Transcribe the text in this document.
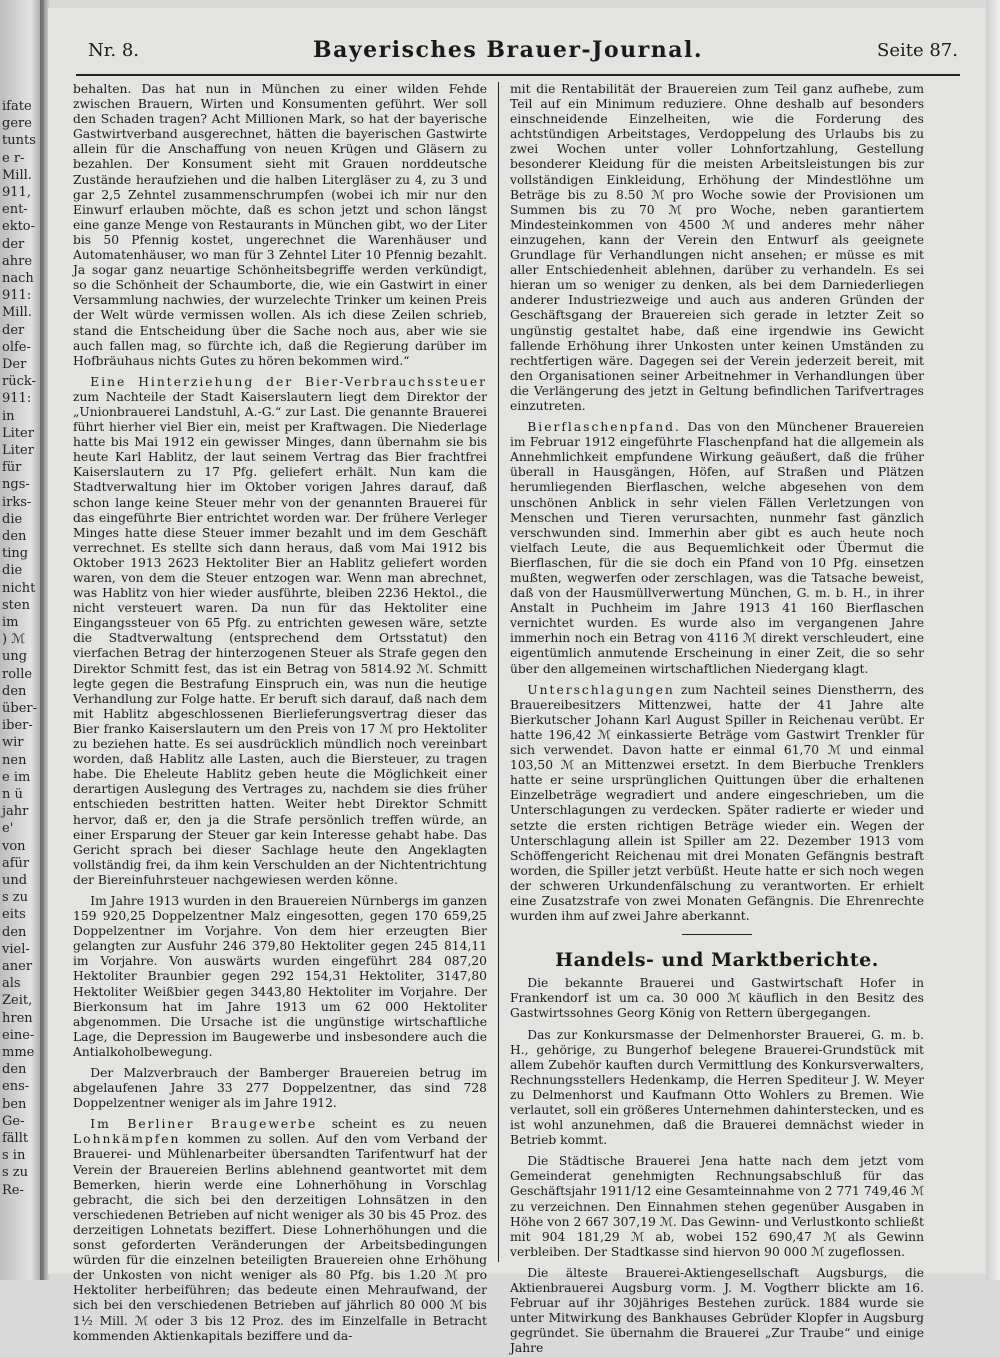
ifate
gere
tunts
e r-
Mill.
911,
ent-
ekto-
der
ahre
nach
911:
Mill.
der
olfe-
Der
rück-
911:
in
Liter
Liter
für
ngs-
irks-
die
den
ting
die
nicht
sten
im
) ℳ
ung
rolle
den
über-
iber-
wir
nen
e im
n ü
jahr
e'
von
afür
und
s zu
eits
den
viel-
aner
als
Zeit,
hren
eine-
mme
den
ens-
ben
Ge-
fällt
s in
s zu
Re-
Nr. 8.	Bayerisches Brauer-Journal.	Seite 87.

behalten. Das hat nun in München zu einer wilden Fehde zwischen Brauern, Wirten und Konsumenten geführt. Wer soll den Schaden tragen? Acht Millionen Mark, so hat der bayerische Gastwirtverband ausgerechnet, hätten die bayerischen Gastwirte allein für die Anschaffung von neuen Krügen und Gläsern zu bezahlen. Der Konsument sieht mit Grauen norddeutsche Zustände heraufziehen und die halben Litergläser zu 4, zu 3 und gar 2,5 Zehntel zusammenschrumpfen (wobei ich mir nur den Einwurf erlauben möchte, daß es schon jetzt und schon längst eine ganze Menge von Restaurants in München gibt, wo der Liter bis 50 Pfennig kostet, ungerechnet die Warenhäuser und Automatenhäuser, wo man für 3 Zehntel Liter 10 Pfennig bezahlt. Ja sogar ganz neuartige Schönheitsbegriffe werden verkündigt, so die Schönheit der Schaumborte, die, wie ein Gastwirt in einer Versammlung nachwies, der wurzelechte Trinker um keinen Preis der Welt würde vermissen wollen. Als ich diese Zeilen schrieb, stand die Entscheidung über die Sache noch aus, aber wie sie auch fallen mag, so fürchte ich, daß die Regierung darüber im Hofbräuhaus nichts Gutes zu hören bekommen wird.“

Eine Hinterziehung der Bier-Verbrauchssteuer zum Nachteile der Stadt Kaiserslautern liegt dem Direktor der „Unionbrauerei Landstuhl, A.-G.“ zur Last. Die genannte Brauerei führt hierher viel Bier ein, meist per Kraftwagen. Die Niederlage hatte bis Mai 1912 ein gewisser Minges, dann übernahm sie bis heute Karl Hablitz, der laut seinem Vertrag das Bier frachtfrei Kaiserslautern zu 17 Pfg. geliefert erhält. Nun kam die Stadtverwaltung hier im Oktober vorigen Jahres darauf, daß schon lange keine Steuer mehr von der genannten Brauerei für das eingeführte Bier entrichtet worden war. Der frühere Verleger Minges hatte diese Steuer immer bezahlt und im dem Geschäft verrechnet. Es stellte sich dann heraus, daß vom Mai 1912 bis Oktober 1913 2623 Hektoliter Bier an Hablitz geliefert worden waren, von dem die Steuer entzogen war. Wenn man abrechnet, was Hablitz von hier wieder ausführte, bleiben 2236 Hektol., die nicht versteuert waren. Da nun für das Hektoliter eine Eingangssteuer von 65 Pfg. zu entrichten gewesen wäre, setzte die Stadtverwaltung (entsprechend dem Ortsstatut) den vierfachen Betrag der hinterzogenen Steuer als Strafe gegen den Direktor Schmitt fest, das ist ein Betrag von 5814.92 ℳ. Schmitt legte gegen die Bestrafung Einspruch ein, was nun die heutige Verhandlung zur Folge hatte. Er beruft sich darauf, daß nach dem mit Hablitz abgeschlossenen Bierlieferungsvertrag dieser das Bier franko Kaiserslautern um den Preis von 17 ℳ pro Hektoliter zu beziehen hatte. Es sei ausdrücklich mündlich noch vereinbart worden, daß Hablitz alle Lasten, auch die Biersteuer, zu tragen habe. Die Eheleute Hablitz geben heute die Möglichkeit einer derartigen Auslegung des Vertrages zu, nachdem sie dies früher entschieden bestritten hatten. Weiter hebt Direktor Schmitt hervor, daß er, den ja die Strafe persönlich treffen würde, an einer Ersparung der Steuer gar kein Interesse gehabt habe. Das Gericht sprach bei dieser Sachlage heute den Angeklagten vollständig frei, da ihm kein Verschulden an der Nichtentrichtung der Biereinfuhrsteuer nachgewiesen werden könne.

Im Jahre 1913 wurden in den Brauereien Nürnbergs im ganzen 159 920,25 Doppelzentner Malz eingesotten, gegen 170 659,25 Doppelzentner im Vorjahre. Von dem hier erzeugten Bier gelangten zur Ausfuhr 246 379,80 Hektoliter gegen 245 814,11 im Vorjahre. Von auswärts wurden eingeführt 284 087,20 Hektoliter Braunbier gegen 292 154,31 Hektoliter, 3147,80 Hektoliter Weißbier gegen 3443,80 Hektoliter im Vorjahre. Der Bierkonsum hat im Jahre 1913 um 62 000 Hektoliter abgenommen. Die Ursache ist die ungünstige wirtschaftliche Lage, die Depression im Baugewerbe und insbesondere auch die Antialkoholbewegung.

Der Malzverbrauch der Bamberger Brauereien betrug im abgelaufenen Jahre 33 277 Doppelzentner, das sind 728 Doppelzentner weniger als im Jahre 1912.

Im Berliner Braugewerbe scheint es zu neuen Lohnkämpfen kommen zu sollen. Auf den vom Verband der Brauerei- und Mühlenarbeiter übersandten Tarifentwurf hat der Verein der Brauereien Berlins ablehnend geantwortet mit dem Bemerken, hierin werde eine Lohnerhöhung in Vorschlag gebracht, die sich bei den derzeitigen Lohnsätzen in den verschiedenen Betrieben auf nicht weniger als 30 bis 45 Proz. des derzeitigen Lohnetats beziffert. Diese Lohnerhöhungen und die sonst geforderten Veränderungen der Arbeitsbedingungen würden für die einzelnen beteiligten Brauereien ohne Erhöhung der Unkosten von nicht weniger als 80 Pfg. bis 1.20 ℳ pro Hektoliter herbeiführen; das bedeute einen Mehraufwand, der sich bei den verschiedenen Betrieben auf jährlich 80 000 ℳ bis 1½ Mill. ℳ oder 3 bis 12 Proz. des im Einzelfalle in Betracht kommenden Aktienkapitals beziffere und da-

mit die Rentabilität der Brauereien zum Teil ganz aufhebe, zum Teil auf ein Minimum reduziere. Ohne deshalb auf besonders einschneidende Einzelheiten, wie die Forderung des achtstündigen Arbeitstages, Verdoppelung des Urlaubs bis zu zwei Wochen unter voller Lohnfortzahlung, Gestellung besonderer Kleidung für die meisten Arbeitsleistungen bis zur vollständigen Einkleidung, Erhöhung der Mindestlöhne um Beträge bis zu 8.50 ℳ pro Woche sowie der Provisionen um Summen bis zu 70 ℳ pro Woche, neben garantiertem Mindesteinkommen von 4500 ℳ und anderes mehr näher einzugehen, kann der Verein den Entwurf als geeignete Grundlage für Verhandlungen nicht ansehen; er müsse es mit aller Entschiedenheit ablehnen, darüber zu verhandeln. Es sei hieran um so weniger zu denken, als bei dem Darniederliegen anderer Industriezweige und auch aus anderen Gründen der Geschäftsgang der Brauereien sich gerade in letzter Zeit so ungünstig gestaltet habe, daß eine irgendwie ins Gewicht fallende Erhöhung ihrer Unkosten unter keinen Umständen zu rechtfertigen wäre. Dagegen sei der Verein jederzeit bereit, mit den Organisationen seiner Arbeitnehmer in Verhandlungen über die Verlängerung des jetzt in Geltung befindlichen Tarifvertrages einzutreten.

Bierflaschenpfand. Das von den Münchener Brauereien im Februar 1912 eingeführte Flaschenpfand hat die allgemein als Annehmlichkeit empfundene Wirkung geäußert, daß die früher überall in Hausgängen, Höfen, auf Straßen und Plätzen herumliegenden Bierflaschen, welche abgesehen von dem unschönen Anblick in sehr vielen Fällen Verletzungen von Menschen und Tieren verursachten, nunmehr fast gänzlich verschwunden sind. Immerhin aber gibt es auch heute noch vielfach Leute, die aus Bequemlichkeit oder Übermut die Bierflaschen, für die sie doch ein Pfand von 10 Pfg. einsetzen mußten, wegwerfen oder zerschlagen, was die Tatsache beweist, daß von der Hausmüllverwertung München, G. m. b. H., in ihrer Anstalt in Puchheim im Jahre 1913 41 160 Bierflaschen vernichtet wurden. Es wurde also im vergangenen Jahre immerhin noch ein Betrag von 4116 ℳ direkt verschleudert, eine eigentümlich anmutende Erscheinung in einer Zeit, die so sehr über den allgemeinen wirtschaftlichen Niedergang klagt.

Unterschlagungen zum Nachteil seines Dienstherrn, des Brauereibesitzers Mittenzwei, hatte der 41 Jahre alte Bierkutscher Johann Karl August Spiller in Reichenau verübt. Er hatte 196,42 ℳ einkassierte Beträge vom Gastwirt Trenkler für sich verwendet. Davon hatte er einmal 61,70 ℳ und einmal 103,50 ℳ an Mittenzwei ersetzt. In dem Bierbuche Trenklers hatte er seine ursprünglichen Quittungen über die erhaltenen Einzelbeträge wegradiert und andere eingeschrieben, um die Unterschlagungen zu verdecken. Später radierte er wieder und setzte die ersten richtigen Beträge wieder ein. Wegen der Unterschlagung allein ist Spiller am 22. Dezember 1913 vom Schöffengericht Reichenau mit drei Monaten Gefängnis bestraft worden, die Spiller jetzt verbüßt. Heute hatte er sich noch wegen der schweren Urkundenfälschung zu verantworten. Er erhielt eine Zusatzstrafe von zwei Monaten Gefängnis. Die Ehrenrechte wurden ihm auf zwei Jahre aberkannt.

Handels- und Marktberichte.

Die bekannte Brauerei und Gastwirtschaft Hofer in Frankendorf ist um ca. 30 000 ℳ käuflich in den Besitz des Gastwirtssohnes Georg König von Rettern übergegangen.

Das zur Konkursmasse der Delmenhorster Brauerei, G. m. b. H., gehörige, zu Bungerhof belegene Brauerei-Grundstück mit allem Zubehör kauften durch Vermittlung des Konkursverwalters, Rechnungsstellers Hedenkamp, die Herren Spediteur J. W. Meyer zu Delmenhorst und Kaufmann Otto Wohlers zu Bremen. Wie verlautet, soll ein größeres Unternehmen dahinterstecken, und es ist wohl anzunehmen, daß die Brauerei demnächst wieder in Betrieb kommt.

Die Städtische Brauerei Jena hatte nach dem jetzt vom Gemeinderat genehmigten Rechnungsabschluß für das Geschäftsjahr 1911/12 eine Gesamteinnahme von 2 771 749,46 ℳ zu verzeichnen. Den Einnahmen stehen gegenüber Ausgaben in Höhe von 2 667 307,19 ℳ. Das Gewinn- und Verlustkonto schließt mit 904 181,29 ℳ ab, wobei 152 690,47 ℳ als Gewinn verbleiben. Der Stadtkasse sind hiervon 90 000 ℳ zugeflossen.

Die älteste Brauerei-Aktiengesellschaft Augsburgs, die Aktienbrauerei Augsburg vorm. J. M. Vogtherr blickte am 16. Februar auf ihr 30jähriges Bestehen zurück. 1884 wurde sie unter Mitwirkung des Bankhauses Gebrüder Klopfer in Augsburg gegründet. Sie übernahm die Brauerei „Zur Traube“ und einige Jahre
